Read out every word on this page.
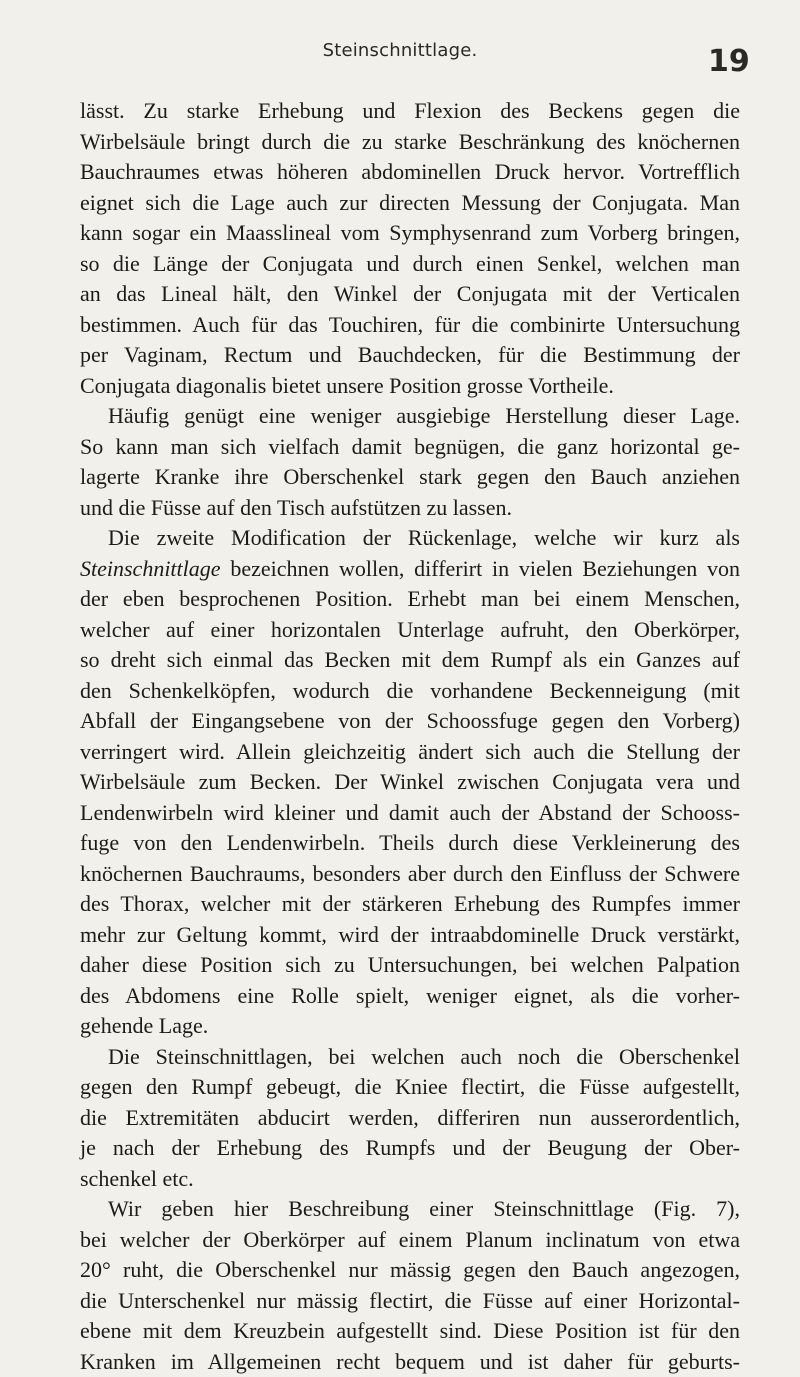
Steinschnittlage.	19
lässt. Zu starke Erhebung und Flexion des Beckens gegen die
Wirbelsäule bringt durch die zu starke Beschränkung des knöchernen
Bauchraumes etwas höheren abdominellen Druck hervor. Vortrefflich
eignet sich die Lage auch zur directen Messung der Conjugata. Man
kann sogar ein Maasslineal vom Symphysenrand zum Vorberg bringen,
so die Länge der Conjugata und durch einen Senkel, welchen man
an das Lineal hält, den Winkel der Conjugata mit der Verticalen
bestimmen. Auch für das Touchiren, für die combinirte Untersuchung
per Vaginam, Rectum und Bauchdecken, für die Bestimmung der
Conjugata diagonalis bietet unsere Position grosse Vortheile.
Häufig genügt eine weniger ausgiebige Herstellung dieser Lage.
So kann man sich vielfach damit begnügen, die ganz horizontal ge-
lagerte Kranke ihre Oberschenkel stark gegen den Bauch anziehen
und die Füsse auf den Tisch aufstützen zu lassen.
Die zweite Modification der Rückenlage, welche wir kurz als
Steinschnittlage bezeichnen wollen, differirt in vielen Beziehungen von
der eben besprochenen Position. Erhebt man bei einem Menschen,
welcher auf einer horizontalen Unterlage aufruht, den Oberkörper,
so dreht sich einmal das Becken mit dem Rumpf als ein Ganzes auf
den Schenkelköpfen, wodurch die vorhandene Beckenneigung (mit
Abfall der Eingangsebene von der Schoossfuge gegen den Vorberg)
verringert wird. Allein gleichzeitig ändert sich auch die Stellung der
Wirbelsäule zum Becken. Der Winkel zwischen Conjugata vera und
Lendenwirbeln wird kleiner und damit auch der Abstand der Schooss-
fuge von den Lendenwirbeln. Theils durch diese Verkleinerung des
knöchernen Bauchraums, besonders aber durch den Einfluss der Schwere
des Thorax, welcher mit der stärkeren Erhebung des Rumpfes immer
mehr zur Geltung kommt, wird der intraabdominelle Druck verstärkt,
daher diese Position sich zu Untersuchungen, bei welchen Palpation
des Abdomens eine Rolle spielt, weniger eignet, als die vorher-
gehende Lage.
Die Steinschnittlagen, bei welchen auch noch die Oberschenkel
gegen den Rumpf gebeugt, die Kniee flectirt, die Füsse aufgestellt,
die Extremitäten abducirt werden, differiren nun ausserordentlich,
je nach der Erhebung des Rumpfs und der Beugung der Ober-
schenkel etc.
Wir geben hier Beschreibung einer Steinschnittlage (Fig. 7),
bei welcher der Oberkörper auf einem Planum inclinatum von etwa
20° ruht, die Oberschenkel nur mässig gegen den Bauch angezogen,
die Unterschenkel nur mässig flectirt, die Füsse auf einer Horizontal-
ebene mit dem Kreuzbein aufgestellt sind. Diese Position ist für den
Kranken im Allgemeinen recht bequem und ist daher für geburts-
